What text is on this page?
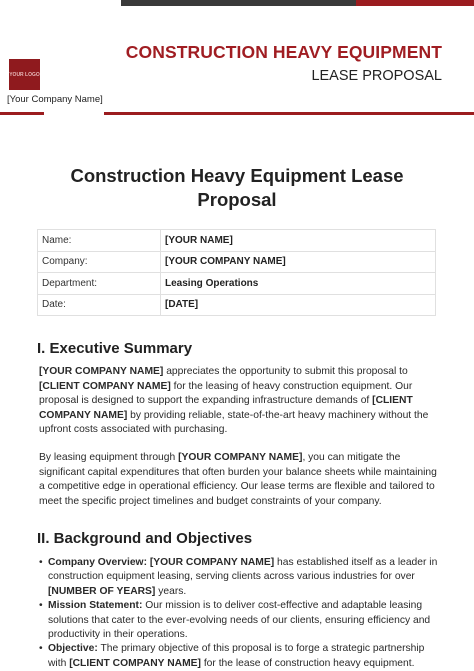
YOUR LOGO
[Your Company Name]
CONSTRUCTION HEAVY EQUIPMENT
LEASE PROPOSAL
Construction Heavy Equipment Lease Proposal
Name:	[YOUR NAME]
Company:	[YOUR COMPANY NAME]
Department:	Leasing Operations
Date:	[DATE]
I. Executive Summary

[YOUR COMPANY NAME] appreciates the opportunity to submit this proposal to [CLIENT COMPANY NAME] for the leasing of heavy construction equipment. Our proposal is designed to support the expanding infrastructure demands of [CLIENT COMPANY NAME] by providing reliable, state-of-the-art heavy machinery without the upfront costs associated with purchasing.

By leasing equipment through [YOUR COMPANY NAME], you can mitigate the significant capital expenditures that often burden your balance sheets while maintaining a competitive edge in operational efficiency. Our lease terms are flexible and tailored to meet the specific project timelines and budget constraints of your company.

II. Background and Objectives
• Company Overview: [YOUR COMPANY NAME] has established itself as a leader in construction equipment leasing, serving clients across various industries for over [NUMBER OF YEARS] years.
• Mission Statement: Our mission is to deliver cost-effective and adaptable leasing solutions that cater to the ever-evolving needs of our clients, ensuring efficiency and productivity in their operations.
• Objective: The primary objective of this proposal is to forge a strategic partnership with [CLIENT COMPANY NAME] for the lease of construction heavy equipment.
